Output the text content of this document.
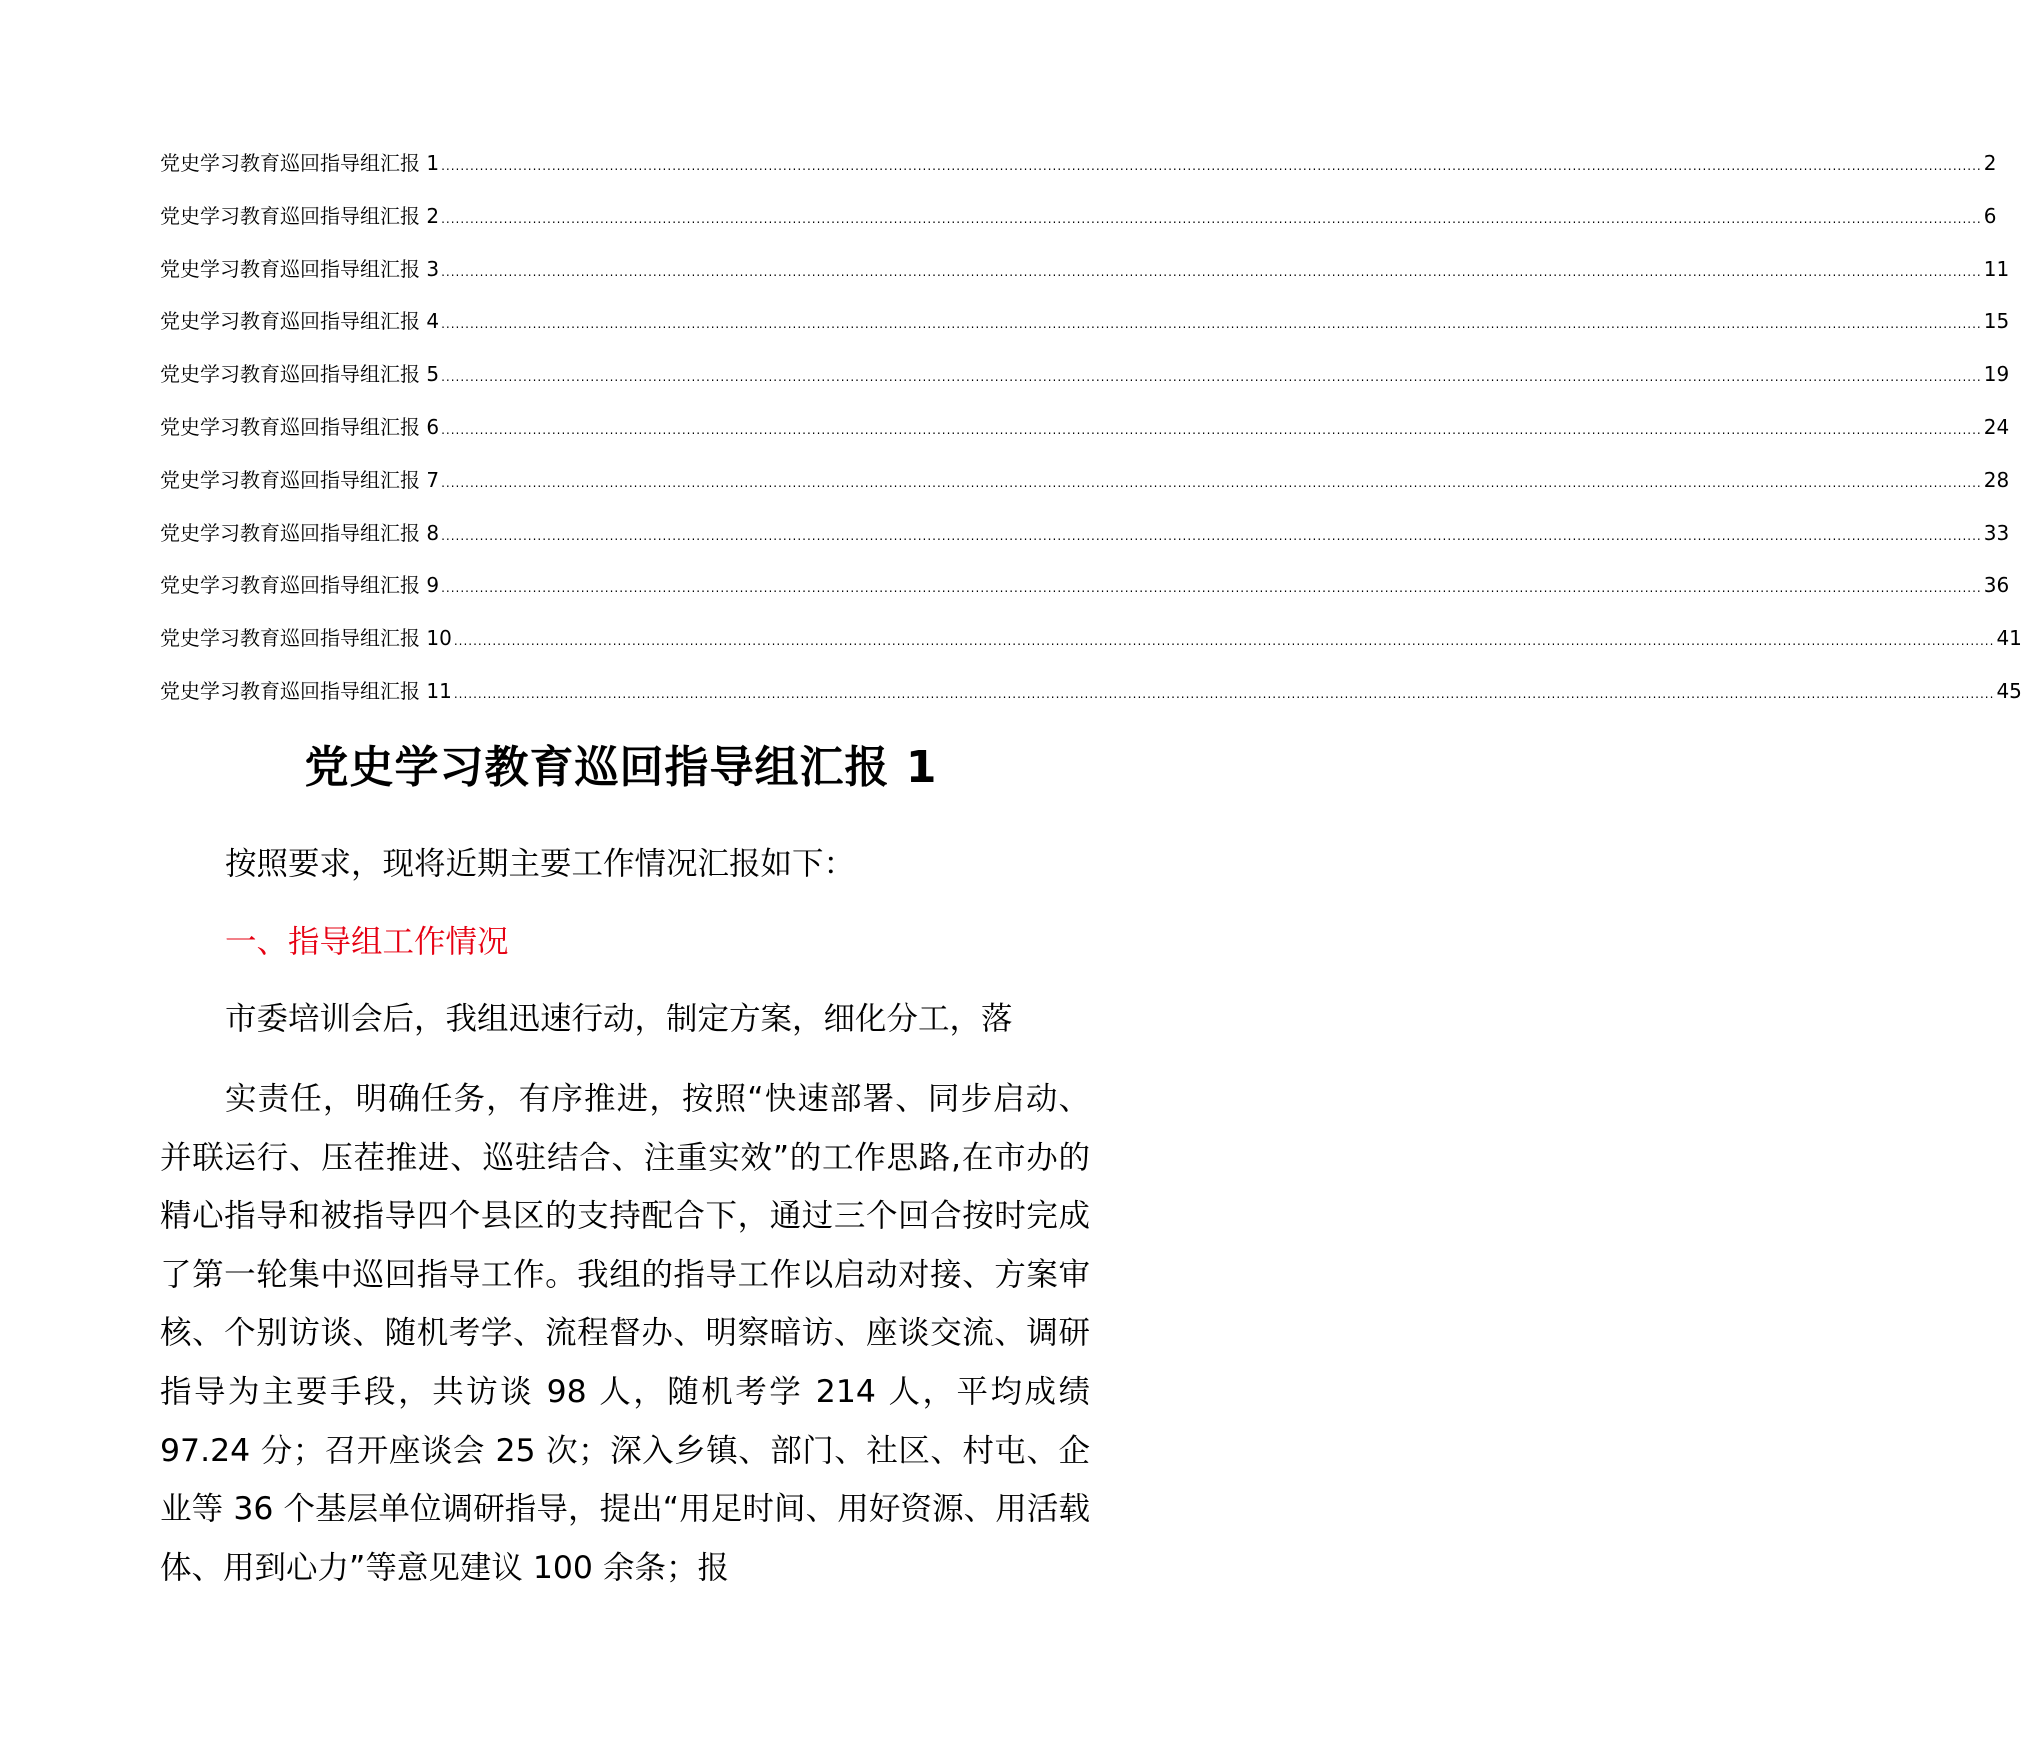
党史学习教育巡回指导组汇报 1 ................................................................................................................................................................................................................................................................................................................................ 2
党史学习教育巡回指导组汇报 2 ................................................................................................................................................................................................................................................................................................................................ 6
党史学习教育巡回指导组汇报 3 ................................................................................................................................................................................................................................................................................................................................ 11
党史学习教育巡回指导组汇报 4 ................................................................................................................................................................................................................................................................................................................................ 15
党史学习教育巡回指导组汇报 5 ................................................................................................................................................................................................................................................................................................................................ 19
党史学习教育巡回指导组汇报 6 ................................................................................................................................................................................................................................................................................................................................ 24
党史学习教育巡回指导组汇报 7 ................................................................................................................................................................................................................................................................................................................................ 28
党史学习教育巡回指导组汇报 8 ................................................................................................................................................................................................................................................................................................................................ 33
党史学习教育巡回指导组汇报 9 ................................................................................................................................................................................................................................................................................................................................ 36
党史学习教育巡回指导组汇报 10 ................................................................................................................................................................................................................................................................................................................................ 41
党史学习教育巡回指导组汇报 11 ................................................................................................................................................................................................................................................................................................................................ 45
党史学习教育巡回指导组汇报 1

按照要求，现将近期主要工作情况汇报如下：

一、指导组工作情况

市委培训会后，我组迅速行动，制定方案，细化分工，落

实责任，明确任务，有序推进，按照“快速部署、同步启动、并联运行、压茬推进、巡驻结合、注重实效”的工作思路,在市办的精心指导和被指导四个县区的支持配合下，通过三个回合按时完成了第一轮集中巡回指导工作。我组的指导工作以启动对接、方案审核、个别访谈、随机考学、流程督办、明察暗访、座谈交流、调研指导为主要手段，共访谈 98 人，随机考学 214 人，平均成绩 97.24 分；召开座谈会 25 次；深入乡镇、部门、社区、村屯、企业等 36 个基层单位调研指导，提出“用足时间、用好资源、用活载体、用到心力”等意见建议 100 余条；报
